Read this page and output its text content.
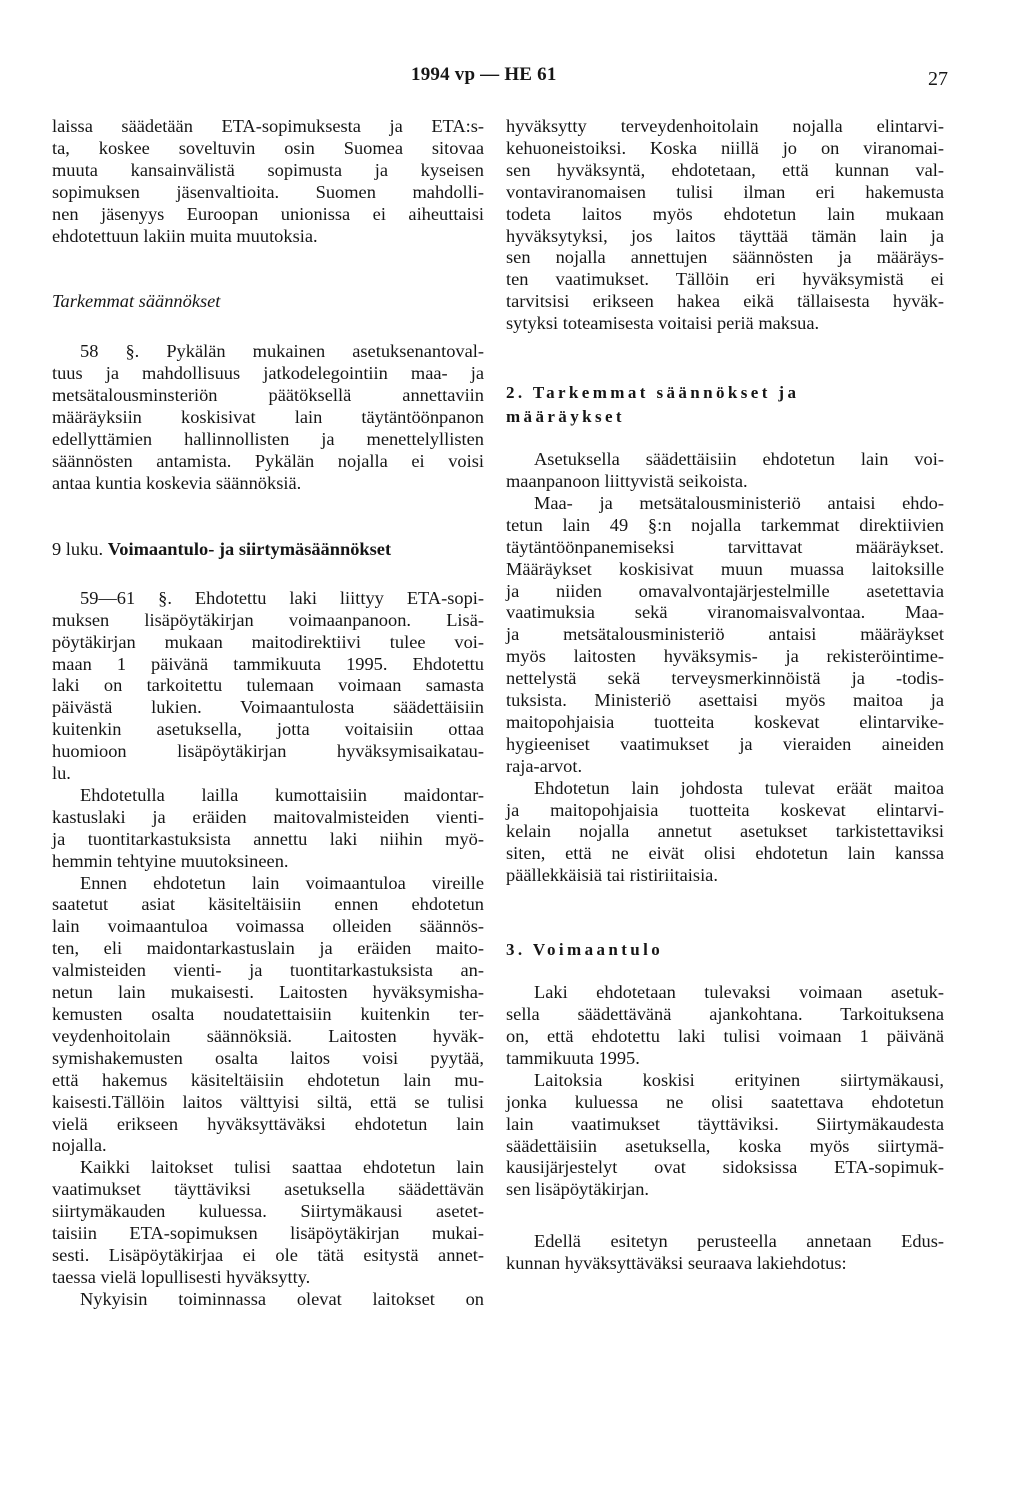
1994 vp — HE 61	27
laissa säädetään ETA-sopimuksesta ja ETA:s-
ta, koskee soveltuvin osin Suomea sitovaa
muuta kansainvälistä sopimusta ja kyseisen
sopimuksen jäsenvaltioita. Suomen mahdolli-
nen jäsenyys Euroopan unionissa ei aiheuttaisi
ehdotettuun lakiin muita muutoksia.

Tarkemmat säännökset

58 §. Pykälän mukainen asetuksenantoval-
tuus ja mahdollisuus jatkodelegointiin maa- ja
metsätalousminsteriön päätöksellä annettaviin
määräyksiin koskisivat lain täytäntöönpanon
edellyttämien hallinnollisten ja menettelyllisten
säännösten antamista. Pykälän nojalla ei voisi
antaa kuntia koskevia säännöksiä.

9 luku. Voimaantulo- ja siirtymäsäännökset

59—61 §. Ehdotettu laki liittyy ETA-sopi-
muksen lisäpöytäkirjan voimaanpanoon. Lisä-
pöytäkirjan mukaan maitodirektiivi tulee voi-
maan 1 päivänä tammikuuta 1995. Ehdotettu
laki on tarkoitettu tulemaan voimaan samasta
päivästä lukien. Voimaantulosta säädettäisiin
kuitenkin asetuksella, jotta voitaisiin ottaa
huomioon lisäpöytäkirjan hyväksymisaikatau-
lu.
Ehdotetulla lailla kumottaisiin maidontar-
kastuslaki ja eräiden maitovalmisteiden vienti-
ja tuontitarkastuksista annettu laki niihin myö-
hemmin tehtyine muutoksineen.
Ennen ehdotetun lain voimaantuloa vireille
saatetut asiat käsiteltäisiin ennen ehdotetun
lain voimaantuloa voimassa olleiden säännös-
ten, eli maidontarkastuslain ja eräiden maito-
valmisteiden vienti- ja tuontitarkastuksista an-
netun lain mukaisesti. Laitosten hyväksymisha-
kemusten osalta noudatettaisiin kuitenkin ter-
veydenhoitolain säännöksiä. Laitosten hyväk-
symishakemusten osalta laitos voisi pyytää,
että hakemus käsiteltäisiin ehdotetun lain mu-
kaisesti.Tällöin laitos välttyisi siltä, että se tulisi
vielä erikseen hyväksyttäväksi ehdotetun lain
nojalla.
Kaikki laitokset tulisi saattaa ehdotetun lain
vaatimukset täyttäviksi asetuksella säädettävän
siirtymäkauden kuluessa. Siirtymäkausi asetet-
taisiin ETA-sopimuksen lisäpöytäkirjan mukai-
sesti. Lisäpöytäkirjaa ei ole tätä esitystä annet-
taessa vielä lopullisesti hyväksytty.
Nykyisin toiminnassa olevat laitokset on
hyväksytty terveydenhoitolain nojalla elintarvi-
kehuoneistoiksi. Koska niillä jo on viranomai-
sen hyväksyntä, ehdotetaan, että kunnan val-
vontaviranomaisen tulisi ilman eri hakemusta
todeta laitos myös ehdotetun lain mukaan
hyväksytyksi, jos laitos täyttää tämän lain ja
sen nojalla annettujen säännösten ja määräys-
ten vaatimukset. Tällöin eri hyväksymistä ei
tarvitsisi erikseen hakea eikä tällaisesta hyväk-
sytyksi toteamisesta voitaisi periä maksua.
2. Tarkemmat säännökset ja
määräykset
Asetuksella säädettäisiin ehdotetun lain voi-
maanpanoon liittyvistä seikoista.
Maa- ja metsätalousministeriö antaisi ehdo-
tetun lain 49 §:n nojalla tarkemmat direktiivien
täytäntöönpanemiseksi tarvittavat määräykset.
Määräykset koskisivat muun muassa laitoksille
ja niiden omavalvontajärjestelmille asetettavia
vaatimuksia sekä viranomaisvalvontaa. Maa-
ja metsätalousministeriö antaisi määräykset
myös laitosten hyväksymis- ja rekisteröintime-
nettelystä sekä terveysmerkinnöistä ja -todis-
tuksista. Ministeriö asettaisi myös maitoa ja
maitopohjaisia tuotteita koskevat elintarvike-
hygieeniset vaatimukset ja vieraiden aineiden
raja-arvot.
Ehdotetun lain johdosta tulevat eräät maitoa
ja maitopohjaisia tuotteita koskevat elintarvi-
kelain nojalla annetut asetukset tarkistettaviksi
siten, että ne eivät olisi ehdotetun lain kanssa
päällekkäisiä tai ristiriitaisia.

3. Voimaantulo

Laki ehdotetaan tulevaksi voimaan asetuk-
sella säädettävänä ajankohtana. Tarkoituksena
on, että ehdotettu laki tulisi voimaan 1 päivänä
tammikuuta 1995.
Laitoksia koskisi erityinen siirtymäkausi,
jonka kuluessa ne olisi saatettava ehdotetun
lain vaatimukset täyttäviksi. Siirtymäkaudesta
säädettäisiin asetuksella, koska myös siirtymä-
kausijärjestelyt ovat sidoksissa ETA-sopimuk-
sen lisäpöytäkirjan.
Edellä esitetyn perusteella annetaan Edus-
kunnan hyväksyttäväksi seuraava lakiehdotus:
